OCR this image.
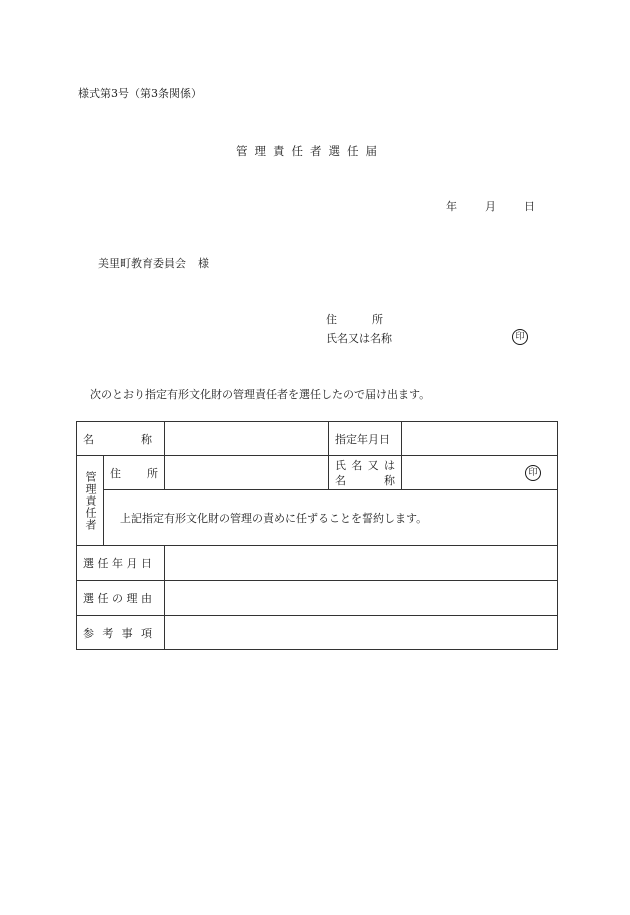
様式第3号（第3条関係）
管理責任者選任届
年	月	日
美里町教育委員会 様
住	所
氏名又は名称	印
次のとおり指定有形文化財の管理責任者を選任したので届け出ます。
名　称			指定年月日	
管理責任者	住　所		氏名又は
名　称	印

	上記指定有形文化財の管理の責めに任ずることを誓約します。			

選任年月日				

選任の理由				

参考事項				
